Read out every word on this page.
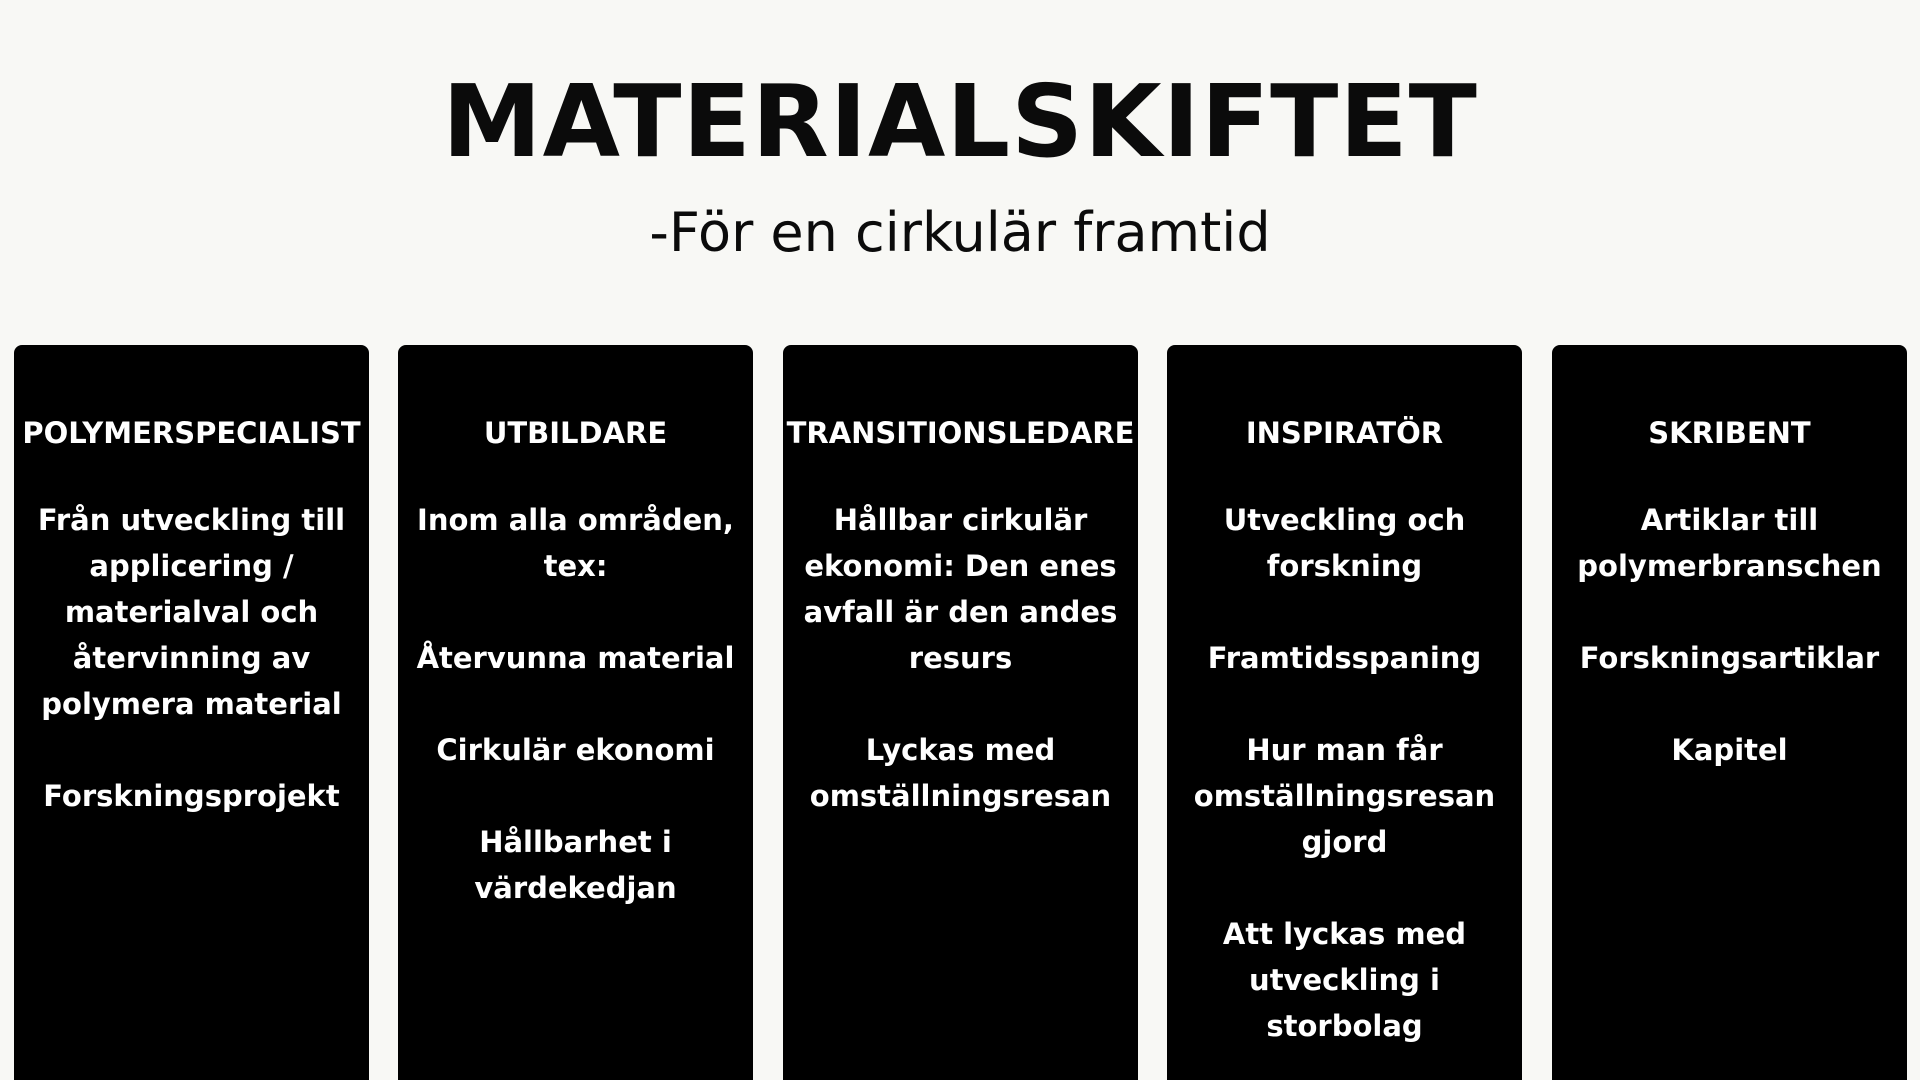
MATERIALSKIFTET
-För en cirkulär framtid
POLYMERSPECIALIST
Från utveckling till applicering / materialval och återvinning av polymera material
Forskningsprojekt
UTBILDARE
Inom alla områden, tex:
Återvunna material
Cirkulär ekonomi
Hållbarhet i värdekedjan
TRANSITIONSLEDARE
Hållbar cirkulär ekonomi: Den enes avfall är den andes resurs
Lyckas med omställningsresan
INSPIRATÖR
Utveckling och forskning
Framtidsspaning
Hur man får omställningsresan gjord
Att lyckas med utveckling i storbolag
SKRIBENT
Artiklar till polymerbranschen
Forskningsartiklar
Kapitel
